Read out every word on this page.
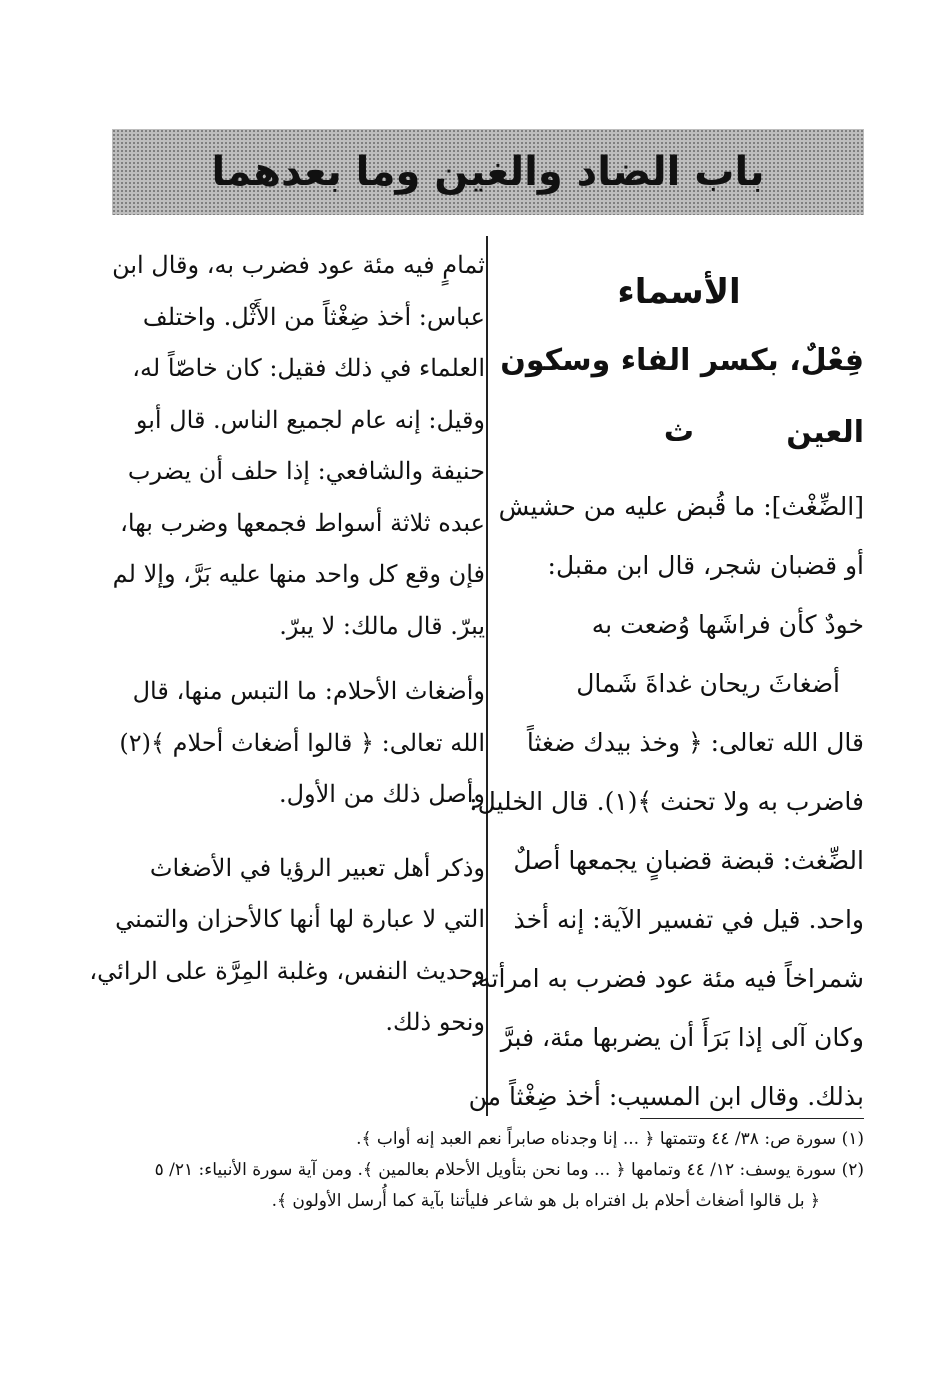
باب الضاد والغين وما بعدهما
الأسماء
فِعْلٌ، بكسر الفاء وسكون العين
ث
[الضِّغْث]: ما قُبض عليه من حشيش
أو قضبان شجر، قال ابن مقبل:
خودٌ كأن فراشَها وُضعت به
أضغاثَ ريحان غداةَ شَمال
قال الله تعالى: ﴿ وخذ بيدك ضغثاً
فاضرب به ولا تحنث ﴾(١). قال الخليل:
الضِّغث: قبضة قضبانٍ يجمعها أصلٌ
واحد. قيل في تفسير الآية: إنه أخذ
شمراخاً فيه مئة عود فضرب به امرأته،
وكان آلى إذا بَرَأَ أن يضربها مئة، فبرَّ
بذلك. وقال ابن المسيب: أخذ ضِغْثاً من
ثمامٍ فيه مئة عود فضرب به، وقال ابن
عباس: أخذ ضِغْثاً من الأَثْل. واختلف
العلماء في ذلك فقيل: كان خاصّاً له،
وقيل: إنه عام لجميع الناس. قال أبو
حنيفة والشافعي: إذا حلف أن يضرب
عبده ثلاثة أسواط فجمعها وضرب بها،
فإن وقع كل واحد منها عليه بَرَّ، وإلا لم
يبرّ. قال مالك: لا يبرّ.
وأضغاث الأحلام: ما التبس منها، قال
الله تعالى: ﴿ قالوا أضغاث أحلام ﴾(٢)
وأصل ذلك من الأول.
وذكر أهل تعبير الرؤيا في الأضغاث
التي لا عبارة لها أنها كالأحزان والتمني
وحديث النفس، وغلبة المِرَّة على الرائي،
ونحو ذلك.
(١) سورة ص: ٣٨/ ٤٤ وتتمتها ﴿ ... إنا وجدناه صابراً نعم العبد إنه أواب ﴾.
(٢) سورة يوسف: ١٢/ ٤٤ وتمامها ﴿ ... وما نحن بتأويل الأحلام بعالمين ﴾. ومن آية سورة الأنبياء: ٢١/ ٥
﴿ بل قالوا أضغاث أحلام بل افتراه بل هو شاعر فليأتنا بآية كما أُرسل الأولون ﴾.
